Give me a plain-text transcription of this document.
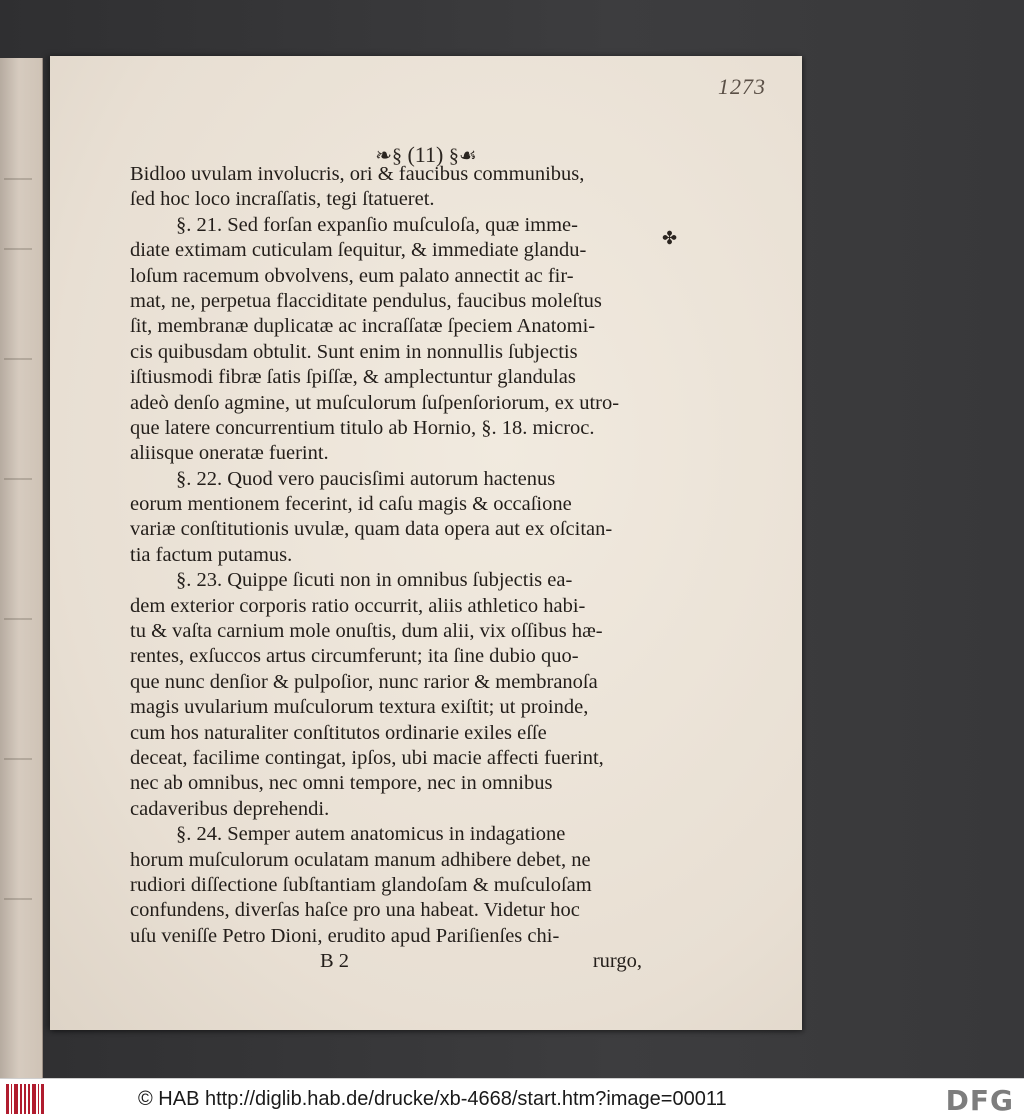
1273
❧§ (11) §☙
✤
Bidloo uvulam involucris, ori & faucibus communibus,
ſed hoc loco incraſſatis, tegi ſtatueret.
§. 21. Sed forſan expanſio muſculoſa, quæ imme-
diate extimam cuticulam ſequitur, & immediate glandu-
loſum racemum obvolvens, eum palato annectit ac fir-
mat, ne, perpetua flacciditate pendulus, faucibus moleſtus
ſit, membranæ duplicatæ ac incraſſatæ ſpeciem Anatomi-
cis quibusdam obtulit. Sunt enim in nonnullis ſubjectis
iſtiusmodi fibræ ſatis ſpiſſæ, & amplectuntur glandulas
adeò denſo agmine, ut muſculorum ſuſpenſoriorum, ex utro-
que latere concurrentium titulo ab Hornio, §. 18. microc.
aliisque oneratæ fuerint.
§. 22. Quod vero paucisſimi autorum hactenus
eorum mentionem fecerint, id caſu magis & occaſione
variæ conſtitutionis uvulæ, quam data opera aut ex oſcitan-
tia factum putamus.
§. 23. Quippe ſicuti non in omnibus ſubjectis ea-
dem exterior corporis ratio occurrit, aliis athletico habi-
tu & vaſta carnium mole onuſtis, dum alii, vix oſſibus hæ-
rentes, exſuccos artus circumferunt; ita ſine dubio quo-
que nunc denſior & pulpoſior, nunc rarior & membranoſa
magis uvularium muſculorum textura exiſtit; ut proinde,
cum hos naturaliter conſtitutos ordinarie exiles eſſe
deceat, facilime contingat, ipſos, ubi macie affecti fuerint,
nec ab omnibus, nec omni tempore, nec in omnibus
cadaveribus deprehendi.
§. 24. Semper autem anatomicus in indagatione
horum muſculorum oculatam manum adhibere debet, ne
rudiori diſſectione ſubſtantiam glandoſam & muſculoſam
confundens, diverſas haſce pro una habeat. Videtur hoc
uſu veniſſe Petro Dioni, erudito apud Pariſienſes chi-
B 2	rurgo,
© HAB http://diglib.hab.de/drucke/xb-4668/start.htm?image=00011	DFG
